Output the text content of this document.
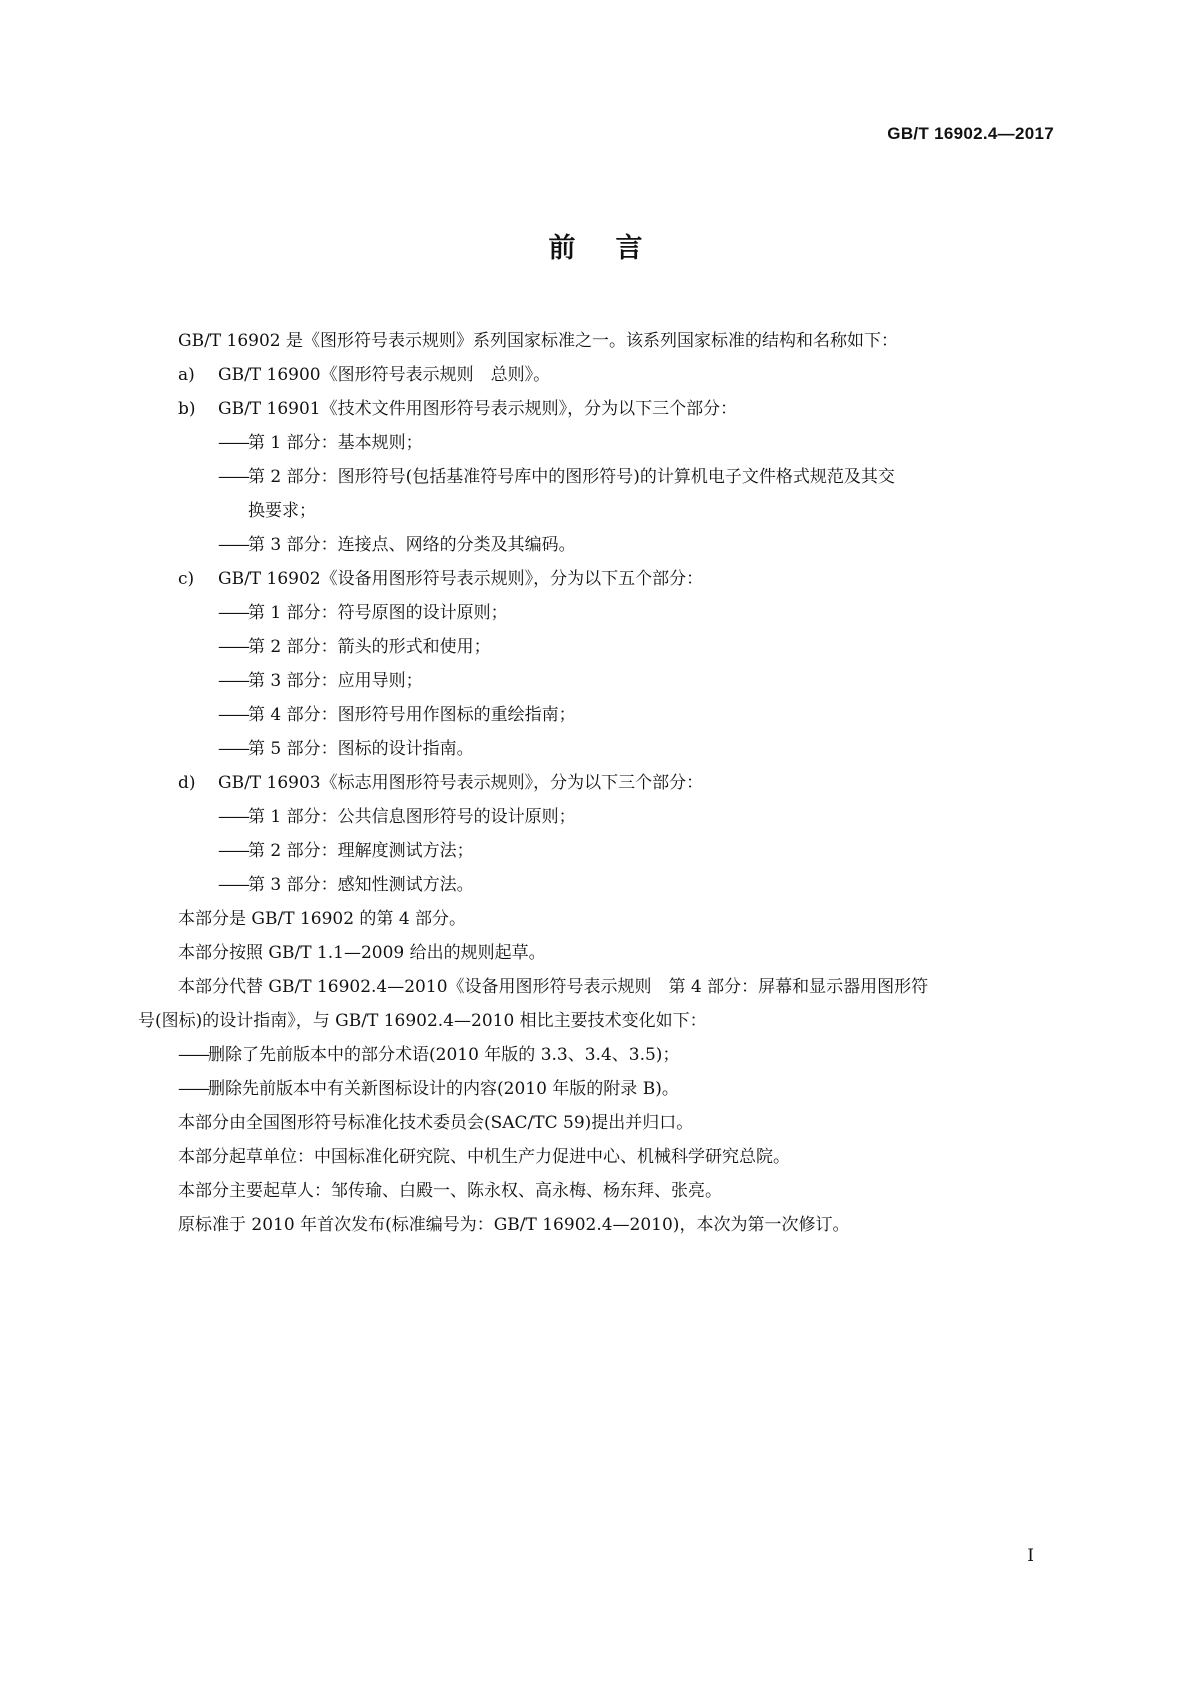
GB/T 16902.4—2017
前言
GB/T 16902 是《图形符号表示规则》系列国家标准之一。该系列国家标准的结构和名称如下：
a) GB/T 16900《图形符号表示规则　总则》。
b) GB/T 16901《技术文件用图形符号表示规则》，分为以下三个部分：
——第 1 部分：基本规则；
——第 2 部分：图形符号(包括基准符号库中的图形符号)的计算机电子文件格式规范及其交
换要求；
——第 3 部分：连接点、网络的分类及其编码。
c) GB/T 16902《设备用图形符号表示规则》，分为以下五个部分：
——第 1 部分：符号原图的设计原则；
——第 2 部分：箭头的形式和使用；
——第 3 部分：应用导则；
——第 4 部分：图形符号用作图标的重绘指南；
——第 5 部分：图标的设计指南。
d) GB/T 16903《标志用图形符号表示规则》，分为以下三个部分：
——第 1 部分：公共信息图形符号的设计原则；
——第 2 部分：理解度测试方法；
——第 3 部分：感知性测试方法。
本部分是 GB/T 16902 的第 4 部分。
本部分按照 GB/T 1.1—2009 给出的规则起草。
本部分代替 GB/T 16902.4—2010《设备用图形符号表示规则　第 4 部分：屏幕和显示器用图形符
号(图标)的设计指南》，与 GB/T 16902.4—2010 相比主要技术变化如下：
——删除了先前版本中的部分术语(2010 年版的 3.3、3.4、3.5)；
——删除先前版本中有关新图标设计的内容(2010 年版的附录 B)。
本部分由全国图形符号标准化技术委员会(SAC/TC 59)提出并归口。
本部分起草单位：中国标准化研究院、中机生产力促进中心、机械科学研究总院。
本部分主要起草人：邹传瑜、白殿一、陈永权、高永梅、杨东拜、张亮。
原标准于 2010 年首次发布(标准编号为：GB/T 16902.4—2010)，本次为第一次修订。
I
